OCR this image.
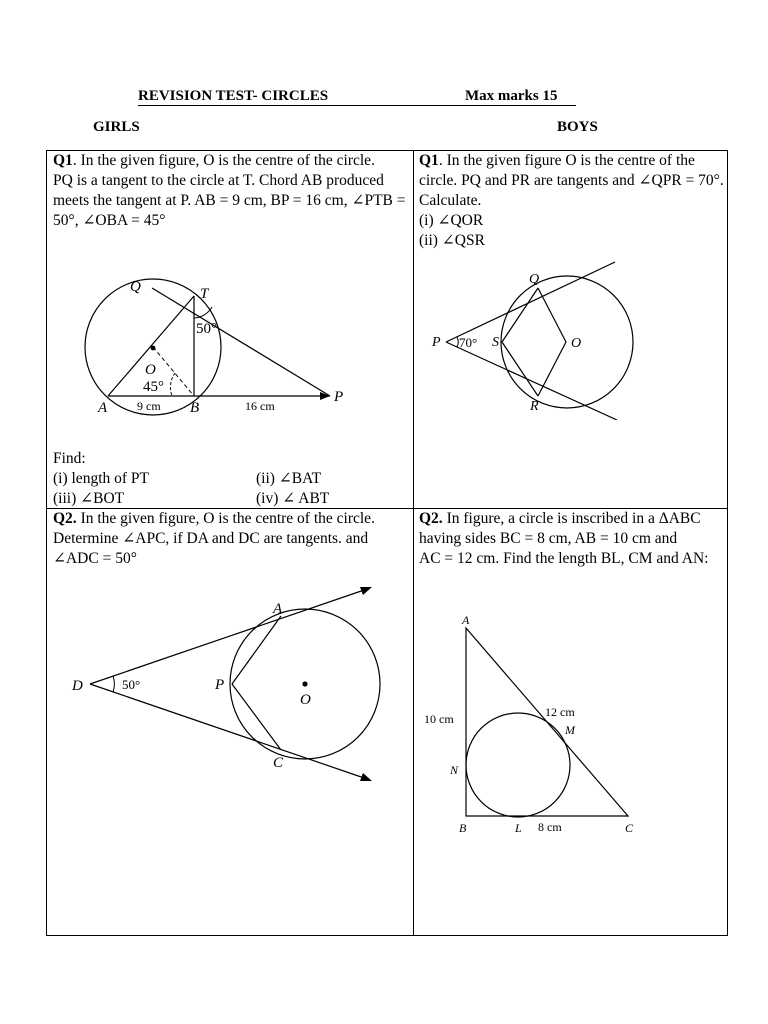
REVISION TEST- CIRCLES	Max marks 15
GIRLS	BOYS

Q1. In the given figure, O is the centre of the circle.

PQ is a tangent to the circle at T. Chord AB produced meets the tangent at P. AB = 9 cm, BP = 16 cm, ∠PTB = 50°, ∠OBA = 45°

Q	T
50°
O
45°
A	B
P
9 cm	16 cm
Find:
(i) length of PT	(ii) ∠BAT
(iii) ∠BOT	(iv) ∠ ABT

Q1. In the given figure O is the centre of the circle. PQ and PR are tangents and ∠QPR = 70°. Calculate.

(i) ∠QOR

(ii) ∠QSR

P 70° S
Q
O
R

Q2. In the given figure, O is the centre of the circle.

Determine ∠APC, if DA and DC are tangents. and ∠ADC = 50°

D	50°
A
P
O
C

Q2. In figure, a circle is inscribed in a ΔABC having sides BC = 8 cm, AB = 10 cm and

AC = 12 cm. Find the length BL, CM and AN:

A
B	C
L
M
N
10 cm	12 cm
8 cm
